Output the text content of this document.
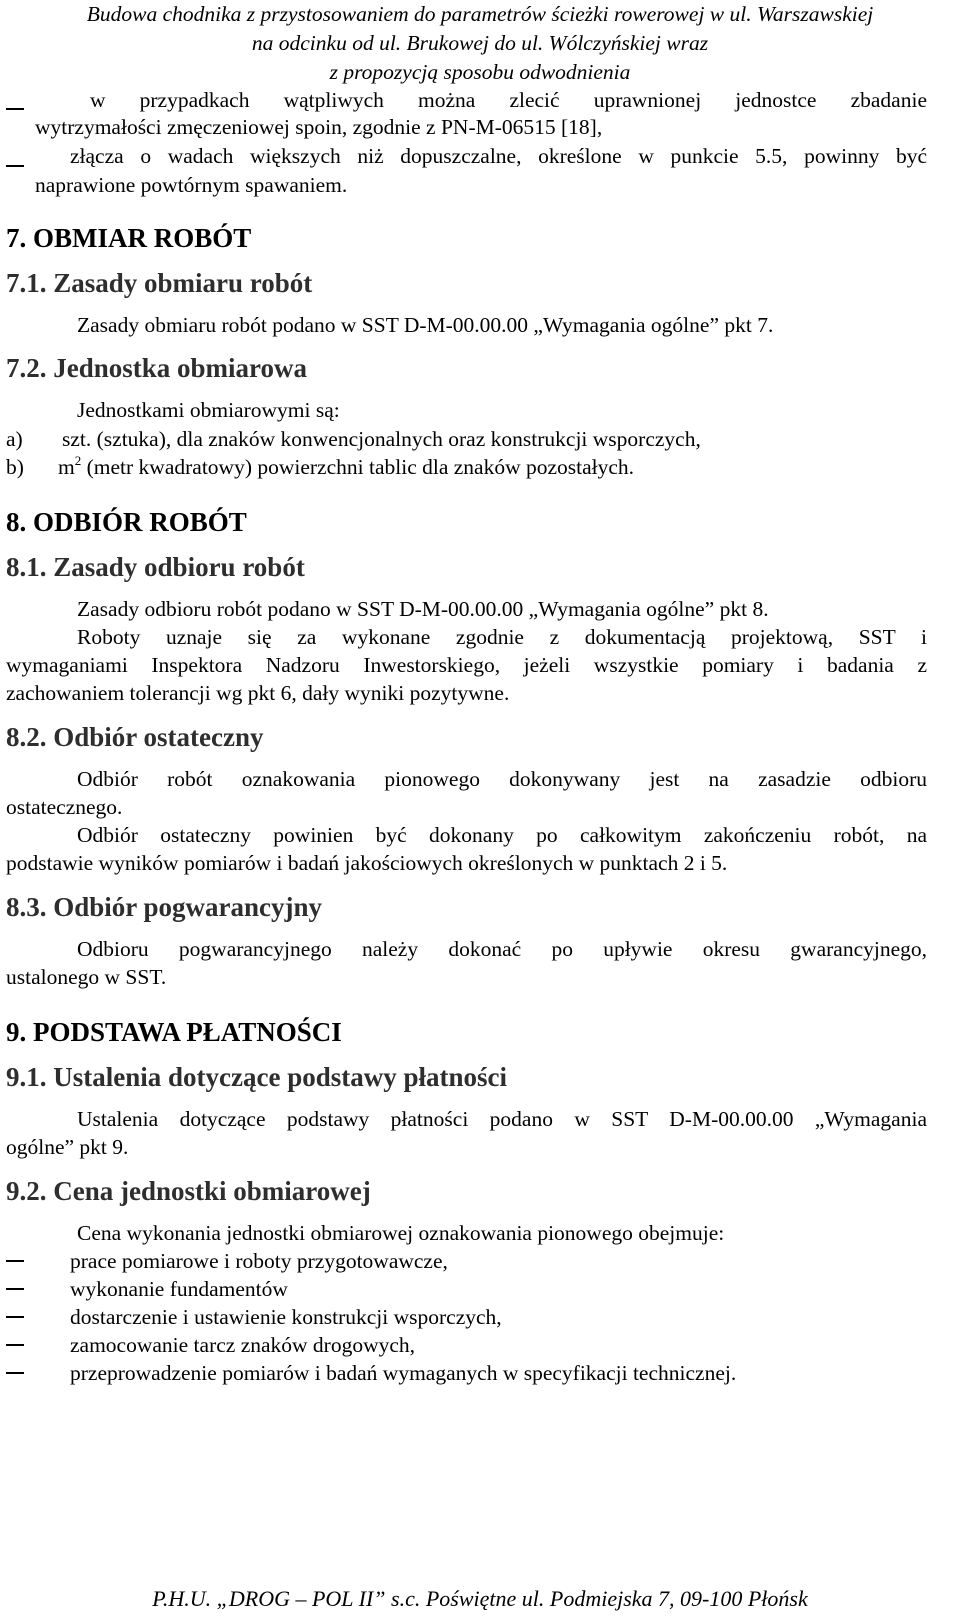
Budowa chodnika z przystosowaniem do parametrów ścieżki rowerowej w ul. Warszawskiej
na odcinku od ul. Brukowej do ul. Wólczyńskiej wraz
z propozycją sposobu odwodnienia
w przypadkach wątpliwych można zlecić uprawnionej jednostce zbadanie
wytrzymałości zmęczeniowej spoin, zgodnie z PN-M-06515 [18],
złącza o wadach większych niż dopuszczalne, określone w punkcie 5.5, powinny być
naprawione powtórnym spawaniem.
7. OBMIAR ROBÓT
7.1. Zasady obmiaru robót
Zasady obmiaru robót podano w SST D-M-00.00.00 „Wymagania ogólne” pkt 7.
7.2. Jednostka obmiarowa
Jednostkami obmiarowymi są:
a) szt. (sztuka), dla znaków konwencjonalnych oraz konstrukcji wsporczych,
b) $m^2$ (metr kwadratowy) powierzchni tablic dla znaków pozostałych.
8. ODBIÓR ROBÓT
8.1. Zasady odbioru robót
Zasady odbioru robót podano w SST D-M-00.00.00 „Wymagania ogólne” pkt 8.
Roboty uznaje się za wykonane zgodnie z dokumentacją projektową, SST i
wymaganiami Inspektora Nadzoru Inwestorskiego, jeżeli wszystkie pomiary i badania z
zachowaniem tolerancji wg pkt 6, dały wyniki pozytywne.
8.2. Odbiór ostateczny
Odbiór robót oznakowania pionowego dokonywany jest na zasadzie odbioru
ostatecznego.
Odbiór ostateczny powinien być dokonany po całkowitym zakończeniu robót, na
podstawie wyników pomiarów i badań jakościowych określonych w punktach 2 i 5.
8.3. Odbiór pogwarancyjny
Odbioru pogwarancyjnego należy dokonać po upływie okresu gwarancyjnego,
ustalonego w SST.
9. PODSTAWA PŁATNOŚCI
9.1. Ustalenia dotyczące podstawy płatności
Ustalenia dotyczące podstawy płatności podano w SST D-M-00.00.00 „Wymagania
ogólne” pkt 9.
9.2. Cena jednostki obmiarowej
Cena wykonania jednostki obmiarowej oznakowania pionowego obejmuje:
prace pomiarowe i roboty przygotowawcze,
wykonanie fundamentów
dostarczenie i ustawienie konstrukcji wsporczych,
zamocowanie tarcz znaków drogowych,
przeprowadzenie pomiarów i badań wymaganych w specyfikacji technicznej.
P.H.U. „DROG – POL II” s.c. Poświętne ul. Podmiejska 7, 09-100 Płońsk
